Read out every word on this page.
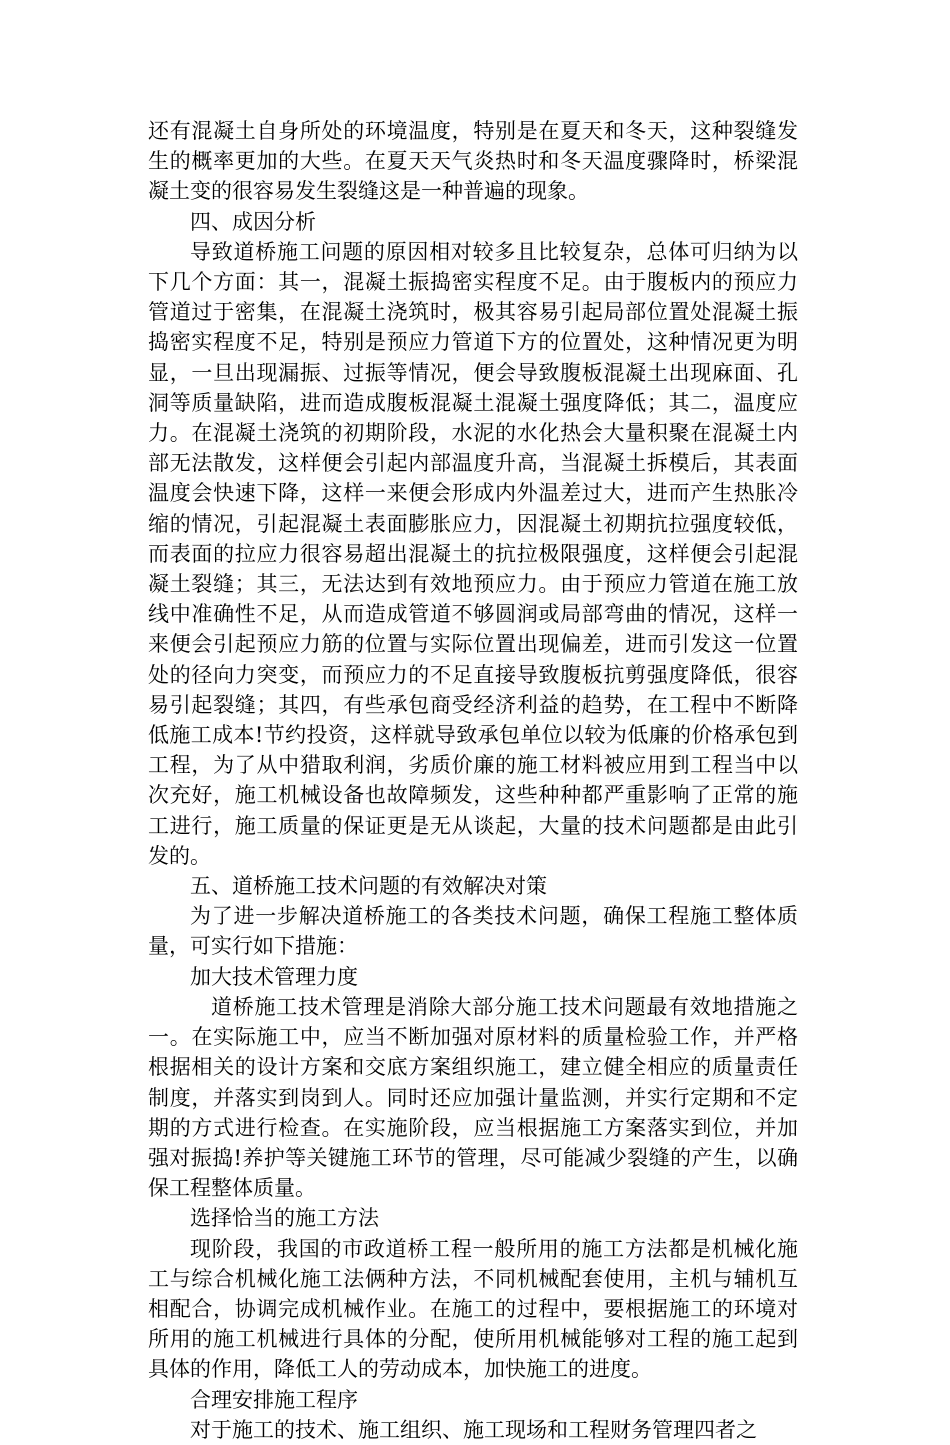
还有混凝土自身所处的环境温度，特别是在夏天和冬天，这种裂缝发生的概率更加的大些。在夏天天气炎热时和冬天温度骤降时，桥梁混凝土变的很容易发生裂缝这是一种普遍的现象。

四、成因分析

导致道桥施工问题的原因相对较多且比较复杂，总体可归纳为以下几个方面：其一，混凝土振捣密实程度不足。由于腹板内的预应力管道过于密集，在混凝土浇筑时，极其容易引起局部位置处混凝土振捣密实程度不足，特别是预应力管道下方的位置处，这种情况更为明显，一旦出现漏振、过振等情况，便会导致腹板混凝土出现麻面、孔洞等质量缺陷，进而造成腹板混凝土混凝土强度降低；其二，温度应力。在混凝土浇筑的初期阶段，水泥的水化热会大量积聚在混凝土内部无法散发，这样便会引起内部温度升高，当混凝土拆模后，其表面温度会快速下降，这样一来便会形成内外温差过大，进而产生热胀冷缩的情况，引起混凝土表面膨胀应力，因混凝土初期抗拉强度较低，而表面的拉应力很容易超出混凝土的抗拉极限强度，这样便会引起混凝土裂缝；其三，无法达到有效地预应力。由于预应力管道在施工放线中准确性不足，从而造成管道不够圆润或局部弯曲的情况，这样一来便会引起预应力筋的位置与实际位置出现偏差，进而引发这一位置处的径向力突变，而预应力的不足直接导致腹板抗剪强度降低，很容易引起裂缝；其四，有些承包商受经济利益的趋势，在工程中不断降低施工成本!节约投资，这样就导致承包单位以较为低廉的价格承包到工程，为了从中猎取利润，劣质价廉的施工材料被应用到工程当中以次充好，施工机械设备也故障频发，这些种种都严重影响了正常的施工进行，施工质量的保证更是无从谈起，大量的技术问题都是由此引发的。

五、道桥施工技术问题的有效解决对策

为了进一步解决道桥施工的各类技术问题，确保工程施工整体质量，可实行如下措施：

加大技术管理力度

道桥施工技术管理是消除大部分施工技术问题最有效地措施之一。在实际施工中，应当不断加强对原材料的质量检验工作，并严格根据相关的设计方案和交底方案组织施工，建立健全相应的质量责任制度，并落实到岗到人。同时还应加强计量监测，并实行定期和不定期的方式进行检查。在实施阶段，应当根据施工方案落实到位，并加强对振捣!养护等关键施工环节的管理，尽可能减少裂缝的产生，以确保工程整体质量。

选择恰当的施工方法

现阶段，我国的市政道桥工程一般所用的施工方法都是机械化施工与综合机械化施工法俩种方法，不同机械配套使用，主机与辅机互相配合，协调完成机械作业。在施工的过程中，要根据施工的环境对所用的施工机械进行具体的分配，使所用机械能够对工程的施工起到具体的作用，降低工人的劳动成本，加快施工的进度。

合理安排施工程序

对于施工的技术、施工组织、施工现场和工程财务管理四者之
